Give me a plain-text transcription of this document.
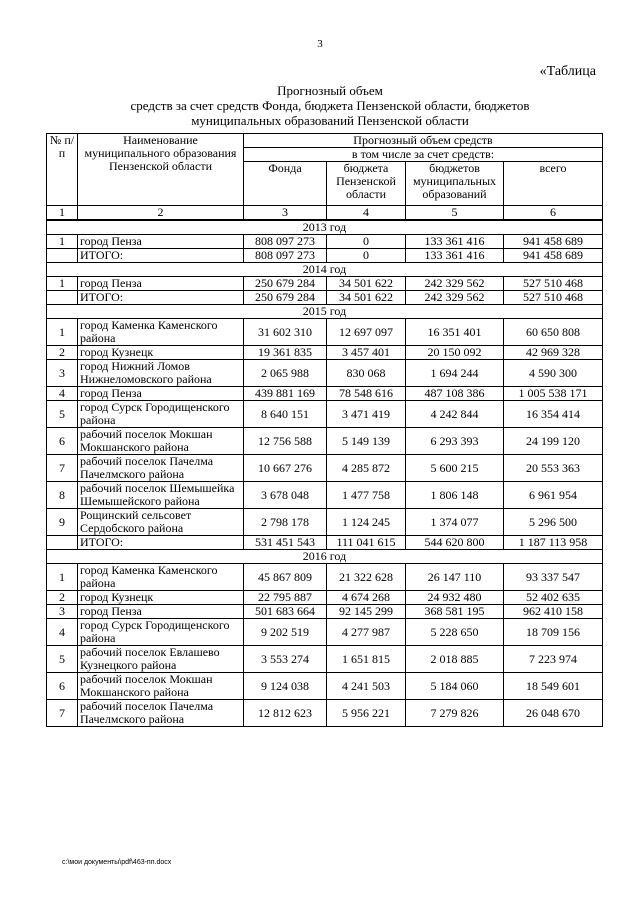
3
«Таблица
Прогнозный объем
средств за счет средств Фонда, бюджета Пензенской области, бюджетов
муниципальных образований Пензенской области
№ п/п	Наименование муниципального образования Пензенской области	Прогнозный объем средств			
		в том числе за счет средств:			
		Фонда	бюджета Пензенской области	бюджетов муниципальных образований	всего
1	2	3	4	5	6
2013 год					
1	город Пенза	808 097 273	0	133 361 416	941 458 689
	ИТОГО:	808 097 273	0	133 361 416	941 458 689
2014 год					
1	город Пенза	250 679 284	34 501 622	242 329 562	527 510 468
	ИТОГО:	250 679 284	34 501 622	242 329 562	527 510 468
2015 год					
1	город Каменка Каменского района	31 602 310	12 697 097	16 351 401	60 650 808
2	город Кузнецк	19 361 835	3 457 401	20 150 092	42 969 328
3	город Нижний Ломов Нижнеломовского района	2 065 988	830 068	1 694 244	4 590 300
4	город Пенза	439 881 169	78 548 616	487 108 386	1 005 538 171
5	город Сурск Городищенского района	8 640 151	3 471 419	4 242 844	16 354 414
6	рабочий поселок Мокшан Мокшанского района	12 756 588	5 149 139	6 293 393	24 199 120
7	рабочий поселок Пачелма Пачелмского района	10 667 276	4 285 872	5 600 215	20 553 363
8	рабочий поселок Шемышейка Шемышейского района	3 678 048	1 477 758	1 806 148	6 961 954
9	Рощинский сельсовет Сердобского района	2 798 178	1 124 245	1 374 077	5 296 500
	ИТОГО:	531 451 543	111 041 615	544 620 800	1 187 113 958
2016 год					
1	город Каменка Каменского района	45 867 809	21 322 628	26 147 110	93 337 547
2	город Кузнецк	22 795 887	4 674 268	24 932 480	52 402 635
3	город Пенза	501 683 664	92 145 299	368 581 195	962 410 158
4	город Сурск Городищенского района	9 202 519	4 277 987	5 228 650	18 709 156
5	рабочий поселок Евлашево Кузнецкого района	3 553 274	1 651 815	2 018 885	7 223 974
6	рабочий поселок Мокшан Мокшанского района	9 124 038	4 241 503	5 184 060	18 549 601
7	рабочий поселок Пачелма Пачелмского района	12 812 623	5 956 221	7 279 826	26 048 670
c:\мои документы\pdf\463-пп.docx
